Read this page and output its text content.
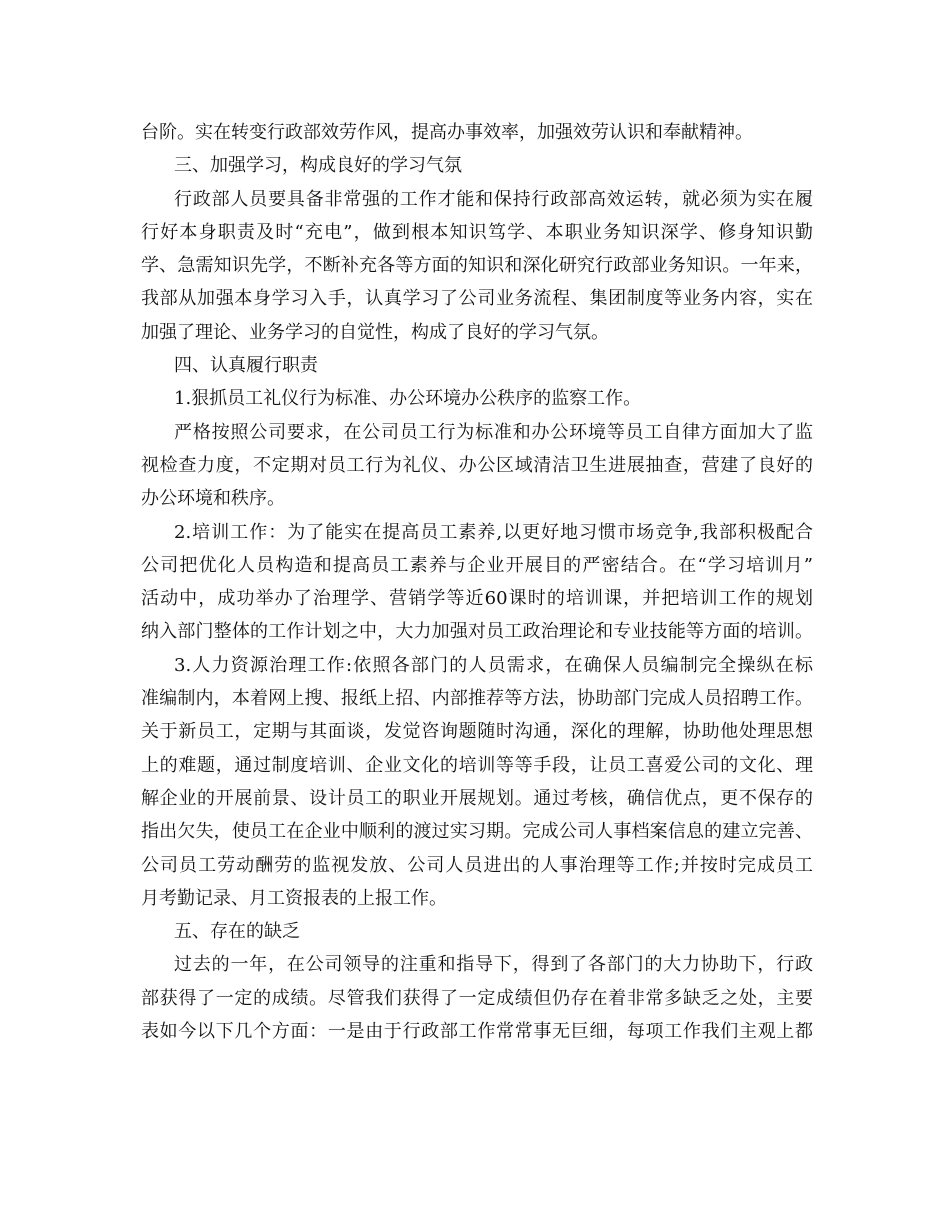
台阶。实在转变行政部效劳作风，提高办事效率，加强效劳认识和奉献精神。
三、加强学习，构成良好的学习气氛
行政部人员要具备非常强的工作才能和保持行政部高效运转，就必须为实在履
行好本身职责及时“充电”，做到根本知识笃学、本职业务知识深学、修身知识勤
学、急需知识先学，不断补充各等方面的知识和深化研究行政部业务知识。一年来，
我部从加强本身学习入手，认真学习了公司业务流程、集团制度等业务内容，实在
加强了理论、业务学习的自觉性，构成了良好的学习气氛。
四、认真履行职责
1.狠抓员工礼仪行为标准、办公环境办公秩序的监察工作。
严格按照公司要求，在公司员工行为标准和办公环境等员工自律方面加大了监
视检查力度，不定期对员工行为礼仪、办公区域清洁卫生进展抽查，营建了良好的
办公环境和秩序。
2.培训工作：为了能实在提高员工素养,以更好地习惯市场竞争,我部积极配合
公司把优化人员构造和提高员工素养与企业开展目的严密结合。在“学习培训月”
活动中，成功举办了治理学、营销学等近60课时的培训课，并把培训工作的规划
纳入部门整体的工作计划之中，大力加强对员工政治理论和专业技能等方面的培训。
3.人力资源治理工作:依照各部门的人员需求，在确保人员编制完全操纵在标
准编制内，本着网上搜、报纸上招、内部推荐等方法，协助部门完成人员招聘工作。
关于新员工，定期与其面谈，发觉咨询题随时沟通，深化的理解，协助他处理思想
上的难题，通过制度培训、企业文化的培训等等手段，让员工喜爱公司的文化、理
解企业的开展前景、设计员工的职业开展规划。通过考核，确信优点，更不保存的
指出欠失，使员工在企业中顺利的渡过实习期。完成公司人事档案信息的建立完善、
公司员工劳动酬劳的监视发放、公司人员进出的人事治理等工作;并按时完成员工
月考勤记录、月工资报表的上报工作。
五、存在的缺乏
过去的一年，在公司领导的注重和指导下，得到了各部门的大力协助下，行政
部获得了一定的成绩。尽管我们获得了一定成绩但仍存在着非常多缺乏之处，主要
表如今以下几个方面：一是由于行政部工作常常事无巨细，每项工作我们主观上都
